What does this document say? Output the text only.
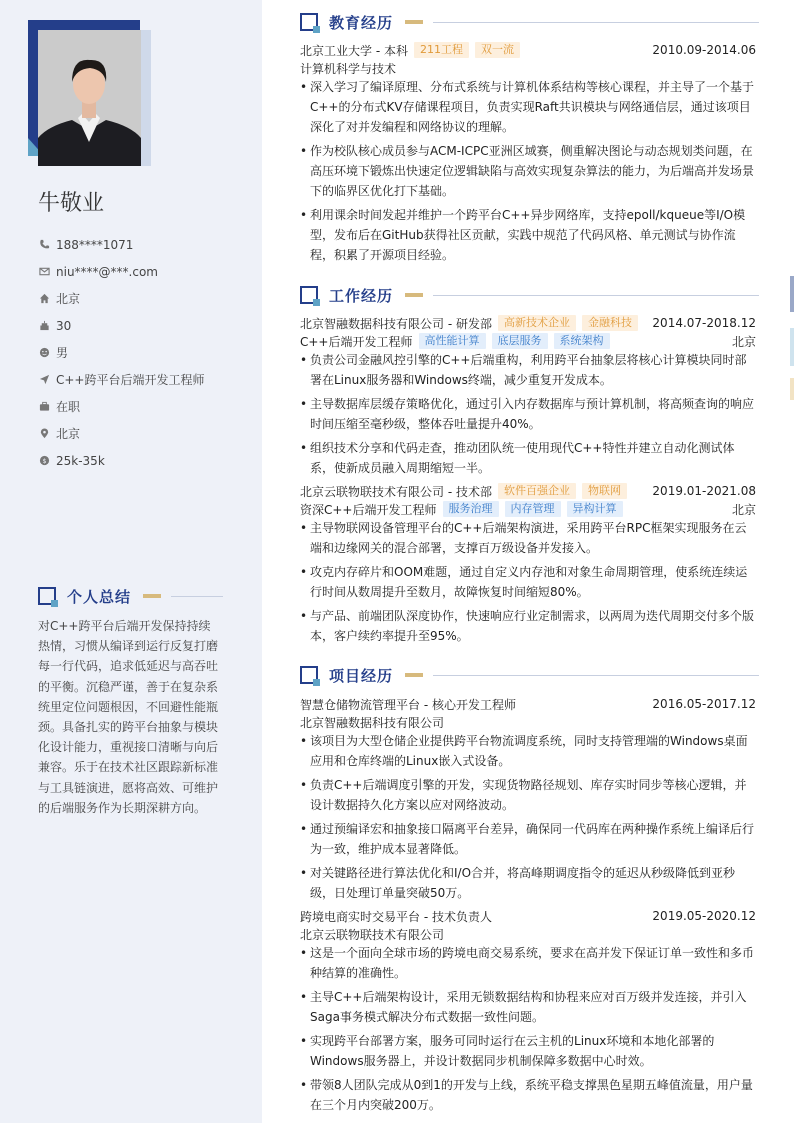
牛敬业
188****1071
niu****@***.com
北京
30
男
C++跨平台后端开发工程师
在职
北京
$ 25k-35k
个人总结
对C++跨平台后端开发保持持续热情，习惯从编译到运行反复打磨每一行代码，追求低延迟与高吞吐的平衡。沉稳严谨，善于在复杂系统里定位问题根因，不回避性能瓶颈。具备扎实的跨平台抽象与模块化设计能力，重视接口清晰与向后兼容。乐于在技术社区跟踪新标准与工具链演进，愿将高效、可维护的后端服务作为长期深耕方向。
教育经历
北京工业大学 - 本科	211工程	双一流	2010.09-2014.06
计算机科学与技术
• 深入学习了编译原理、分布式系统与计算机体系结构等核心课程，并主导了一个基于C++的分布式KV存储课程项目，负责实现Raft共识模块与网络通信层，通过该项目深化了对并发编程和网络协议的理解。
• 作为校队核心成员参与ACM-ICPC亚洲区域赛，侧重解决图论与动态规划类问题，在高压环境下锻炼出快速定位逻辑缺陷与高效实现复杂算法的能力，为后端高并发场景下的临界区优化打下基础。
• 利用课余时间发起并维护一个跨平台C++异步网络库，支持epoll/kqueue等I/O模型，发布后在GitHub获得社区贡献，实践中规范了代码风格、单元测试与协作流程，积累了开源项目经验。
工作经历
北京智融数据科技有限公司 - 研发部	高新技术企业	金融科技	2014.07-2018.12
C++后端开发工程师	高性能计算	底层服务	系统架构	北京
• 负责公司金融风控引擎的C++后端重构，利用跨平台抽象层将核心计算模块同时部署在Linux服务器和Windows终端，减少重复开发成本。
• 主导数据库层缓存策略优化，通过引入内存数据库与预计算机制，将高频查询的响应时间压缩至毫秒级，整体吞吐量提升40%。
• 组织技术分享和代码走查，推动团队统一使用现代C++特性并建立自动化测试体系，使新成员融入周期缩短一半。
北京云联物联技术有限公司 - 技术部	软件百强企业	物联网	2019.01-2021.08
资深C++后端开发工程师	服务治理	内存管理	异构计算	北京
• 主导物联网设备管理平台的C++后端架构演进，采用跨平台RPC框架实现服务在云端和边缘网关的混合部署，支撑百万级设备并发接入。
• 攻克内存碎片和OOM难题，通过自定义内存池和对象生命周期管理，使系统连续运行时间从数周提升至数月，故障恢复时间缩短80%。
• 与产品、前端团队深度协作，快速响应行业定制需求，以两周为迭代周期交付多个版本，客户续约率提升至95%。
项目经历
智慧仓储物流管理平台 - 核心开发工程师	2016.05-2017.12
北京智融数据科技有限公司
• 该项目为大型仓储企业提供跨平台物流调度系统，同时支持管理端的Windows桌面应用和仓库终端的Linux嵌入式设备。
• 负责C++后端调度引擎的开发，实现货物路径规划、库存实时同步等核心逻辑，并设计数据持久化方案以应对网络波动。
• 通过预编译宏和抽象接口隔离平台差异，确保同一代码库在两种操作系统上编译后行为一致，维护成本显著降低。
• 对关键路径进行算法优化和I/O合并，将高峰期调度指令的延迟从秒级降低到亚秒级，日处理订单量突破50万。
跨境电商实时交易平台 - 技术负责人	2019.05-2020.12
北京云联物联技术有限公司
• 这是一个面向全球市场的跨境电商交易系统，要求在高并发下保证订单一致性和多币种结算的准确性。
• 主导C++后端架构设计，采用无锁数据结构和协程来应对百万级并发连接，并引入Saga事务模式解决分布式数据一致性问题。
• 实现跨平台部署方案，服务可同时运行在云主机的Linux环境和本地化部署的Windows服务器上，并设计数据同步机制保障多数据中心时效。
• 带领8人团队完成从0到1的开发与上线，系统平稳支撑黑色星期五峰值流量，用户量在三个月内突破200万。
